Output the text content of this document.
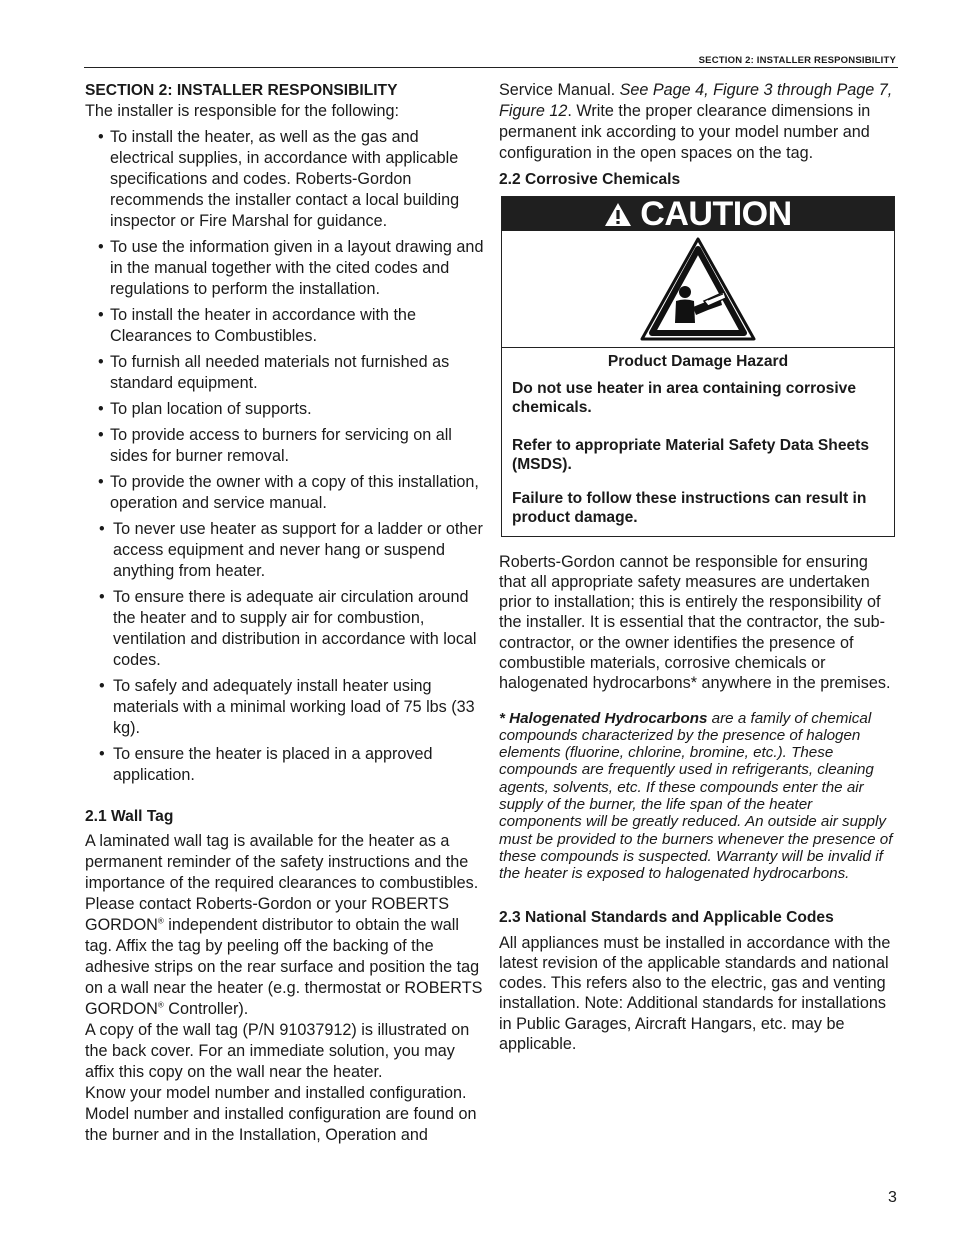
SECTION 2: INSTALLER RESPONSIBILITY

SECTION 2: INSTALLER RESPONSIBILITY

The installer is responsible for the following:

• To install the heater, as well as the gas and electrical supplies, in accordance with applicable specifications and codes. Roberts-Gordon recommends the installer contact a local building inspector or Fire Marshal for guidance.
• To use the information given in a layout drawing and in the manual together with the cited codes and regulations to perform the installation.
• To install the heater in accordance with the Clearances to Combustibles.
• To furnish all needed materials not furnished as standard equipment.
• To plan location of supports.
• To provide access to burners for servicing on all sides for burner removal.
• To provide the owner with a copy of this installation, operation and service manual.
• To never use heater as support for a ladder or other access equipment and never hang or suspend anything from heater.
• To ensure there is adequate air circulation around the heater and to supply air for combustion, ventilation and distribution in accordance with local codes.
• To safely and adequately install heater using materials with a minimal working load of 75 lbs (33 kg).
• To ensure the heater is placed in a approved application.

2.1 Wall Tag

A laminated wall tag is available for the heater as a permanent reminder of the safety instructions and the importance of the required clearances to combustibles. Please contact Roberts-Gordon or your ROBERTS GORDON® independent distributor to obtain the wall tag. Affix the tag by peeling off the backing of the adhesive strips on the rear surface and position the tag on a wall near the heater (e.g. thermostat or ROBERTS GORDON® Controller).

A copy of the wall tag (P/N 91037912) is illustrated on the back cover. For an immediate solution, you may affix this copy on the wall near the heater.

Know your model number and installed configuration. Model number and installed configuration are found on the burner and in the Installation, Operation and

Service Manual. See Page 4, Figure 3 through Page 7, Figure 12. Write the proper clearance dimensions in permanent ink according to your model number and configuration in the open spaces on the tag.

2.2 Corrosive Chemicals

CAUTION
Product Damage Hazard
Do not use heater in area containing corrosive chemicals.
Refer to appropriate Material Safety Data Sheets (MSDS).
Failure to follow these instructions can result in product damage.

Roberts-Gordon cannot be responsible for ensuring that all appropriate safety measures are undertaken prior to installation; this is entirely the responsibility of the installer. It is essential that the contractor, the sub-contractor, or the owner identifies the presence of combustible materials, corrosive chemicals or halogenated hydrocarbons* anywhere in the premises.

* Halogenated Hydrocarbons are a family of chemical compounds characterized by the presence of halogen elements (fluorine, chlorine, bromine, etc.). These compounds are frequently used in refrigerants, cleaning agents, solvents, etc. If these compounds enter the air supply of the burner, the life span of the heater components will be greatly reduced. An outside air supply must be provided to the burners whenever the presence of these compounds is suspected. Warranty will be invalid if the heater is exposed to halogenated hydrocarbons.

2.3 National Standards and Applicable Codes

All appliances must be installed in accordance with the latest revision of the applicable standards and national codes. This refers also to the electric, gas and venting installation. Note: Additional standards for installations in Public Garages, Aircraft Hangars, etc. may be applicable.

3
